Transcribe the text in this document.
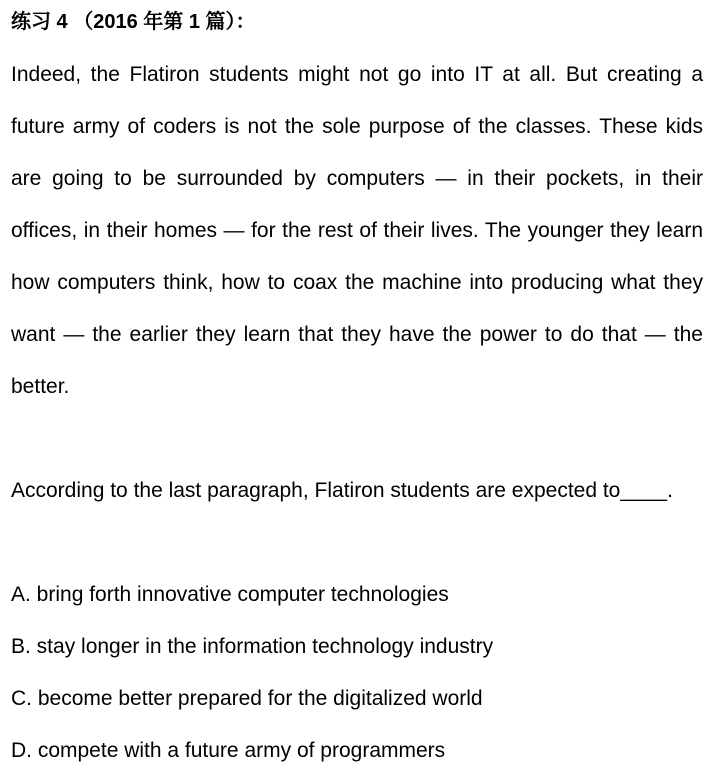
练习 4 （2016 年第 1 篇）：
Indeed, the Flatiron students might not go into IT at all. But creating a future army of coders is not the sole purpose of the classes. These kids are going to be surrounded by computers — in their pockets, in their offices, in their homes — for the rest of their lives. The younger they learn how computers think, how to coax the machine into producing what they want — the earlier they learn that they have the power to do that — the better.
According to the last paragraph, Flatiron students are expected to____.
A. bring forth innovative computer technologies
B. stay longer in the information technology industry
C. become better prepared for the digitalized world
D. compete with a future army of programmers
